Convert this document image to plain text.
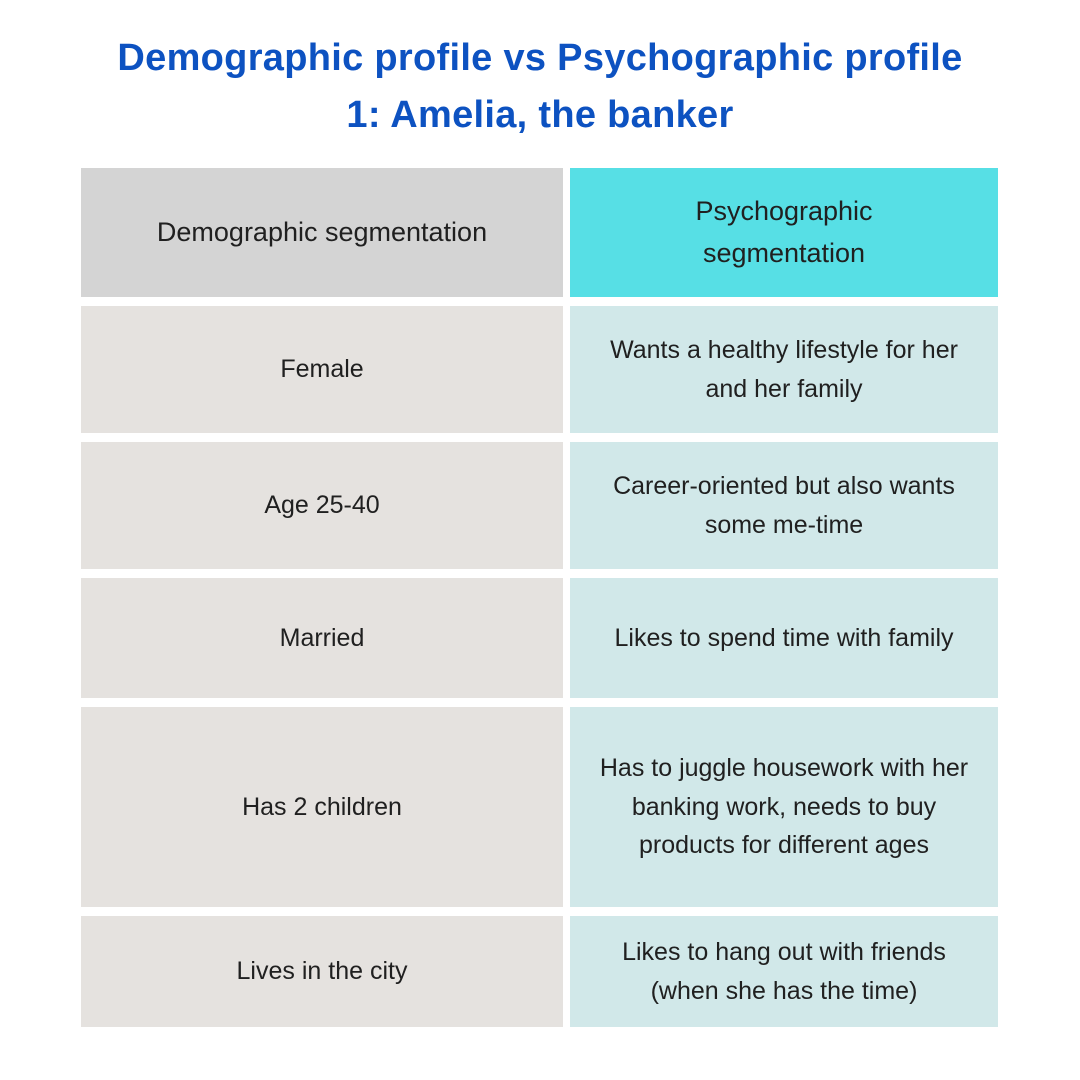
Demographic profile vs Psychographic profile 1: Amelia, the banker
Demographic segmentation
Psychographic segmentation
Female
Wants a healthy lifestyle for her and her family
Age 25-40
Career-oriented but also wants some me-time
Married	Likes to spend time with family
Has 2 children
Has to juggle housework with her banking work, needs to buy products for different ages
Lives in the city
Likes to hang out with friends (when she has the time)
